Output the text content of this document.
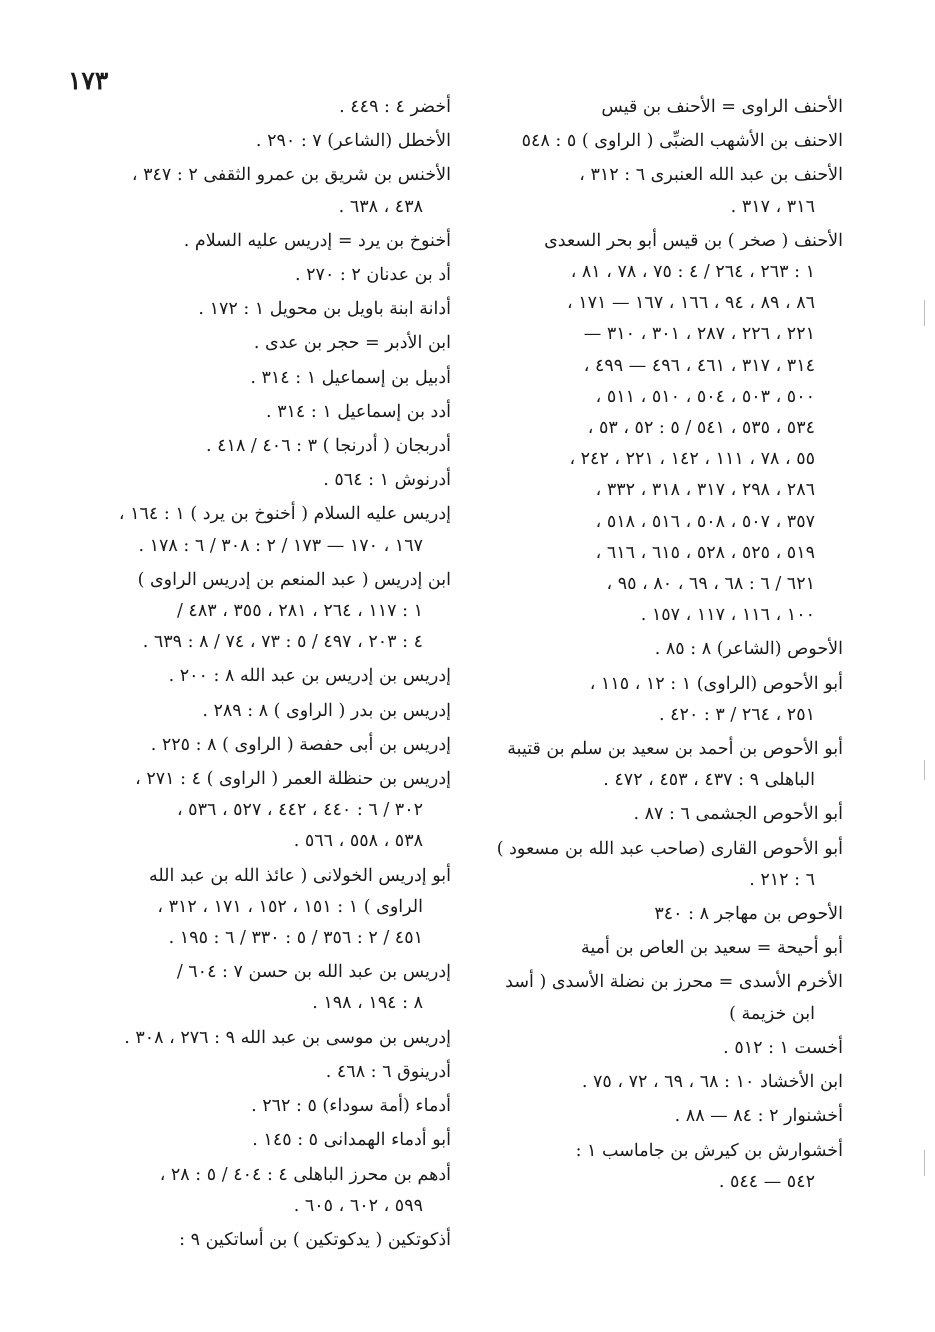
١٧٣
الأحنف الراوى = الأحنف بن قيس
الاحنف بن الأشهب الضبِّى ( الراوى ) ٥ : ٥٤٨
الأحنف بن عبد الله العنبرى ٦ : ٣١٢ ،
٣١٦ ، ٣١٧ .
الأحنف ( صخر ) بن قيس أبو بحر السعدى
١ : ٢٦٣ ، ٢٦٤ / ٤ : ٧٥ ، ٧٨ ، ٨١ ،
٨٦ ، ٨٩ ، ٩٤ ، ١٦٦ ، ١٦٧ — ١٧١ ،
٢٢١ ، ٢٢٦ ، ٢٨٧ ، ٣٠١ ، ٣١٠ —
٣١٤ ، ٣١٧ ، ٤٦١ ، ٤٩٦ — ٤٩٩ ،
٥٠٠ ، ٥٠٣ ، ٥٠٤ ، ٥١٠ ، ٥١١ ،
٥٣٤ ، ٥٣٥ ، ٥٤١ / ٥ : ٥٢ ، ٥٣ ،
٥٥ ، ٧٨ ، ١١١ ، ١٤٢ ، ٢٢١ ، ٢٤٢ ،
٢٨٦ ، ٢٩٨ ، ٣١٧ ، ٣١٨ ، ٣٣٢ ،
٣٥٧ ، ٥٠٧ ، ٥٠٨ ، ٥١٦ ، ٥١٨ ،
٥١٩ ، ٥٢٥ ، ٥٢٨ ، ٦١٥ ، ٦١٦ ،
٦٢١ / ٦ : ٦٨ ، ٦٩ ، ٨٠ ، ٩٥ ،
١٠٠ ، ١١٦ ، ١١٧ ، ١٥٧ .
الأحوص (الشاعر) ٨ : ٨٥ .
أبو الأحوص (الراوى) ١ : ١٢ ، ١١٥ ،
٢٥١ ، ٢٦٤ / ٣ : ٤٢٠ .
أبو الأحوص بن أحمد بن سعيد بن سلم بن قتيبة
الباهلى ٩ : ٤٣٧ ، ٤٥٣ ، ٤٧٢ .
أبو الأحوص الجشمى ٦ : ٨٧ .
أبو الأحوص القارى (صاحب عبد الله بن مسعود )
٦ : ٢١٢ .
الأحوص بن مهاجر ٨ : ٣٤٠
أبو أحيحة = سعيد بن العاص بن أمية
الأخرم الأسدى = محرز بن نضلة الأسدى ( أسد
ابن خزيمة )
أخست ١ : ٥١٢ .
ابن الأخشاد ١٠ : ٦٨ ، ٦٩ ، ٧٢ ، ٧٥ .
أخشنوار ٢ : ٨٤ — ٨٨ .
أخشوارش بن كيرش بن جاماسب ١ :
٥٤٢ — ٥٤٤ .
أخضر ٤ : ٤٤٩ .
الأخطل (الشاعر) ٧ : ٢٩٠ .
الأخنس بن شريق بن عمرو الثقفى ٢ : ٣٤٧ ،
٤٣٨ ، ٦٣٨ .
أخنوخ بن يرد = إدريس عليه السلام .
أد بن عدنان ٢ : ٢٧٠ .
أدانة ابنة باويل بن محويل ١ : ١٧٢ .
ابن الأدبر = حجر بن عدى .
أدبيل بن إسماعيل ١ : ٣١٤ .
أدد بن إسماعيل ١ : ٣١٤ .
أدربجان ( أدرنجا ) ٣ : ٤٠٦ / ٤١٨ .
أدرنوش ١ : ٥٦٤ .
إدريس عليه السلام ( أخنوخ بن يرد ) ١ : ١٦٤ ،
١٦٧ ، ١٧٠ — ١٧٣ / ٢ : ٣٠٨ / ٦ : ١٧٨ .
ابن إدريس ( عبد المنعم بن إدريس الراوى )
١ : ١١٧ ، ٢٦٤ ، ٢٨١ ، ٣٥٥ ، ٤٨٣ /
٤ : ٢٠٣ ، ٤٩٧ / ٥ : ٧٣ ، ٧٤ / ٨ : ٦٣٩ .
إدريس بن إدريس بن عبد الله ٨ : ٢٠٠ .
إدريس بن بدر ( الراوى ) ٨ : ٢٨٩ .
إدريس بن أبى حفصة ( الراوى ) ٨ : ٢٢٥ .
إدريس بن حنظلة العمر ( الراوى ) ٤ : ٢٧١ ،
٣٠٢ / ٦ : ٤٤٠ ، ٤٤٢ ، ٥٢٧ ، ٥٣٦ ،
٥٣٨ ، ٥٥٨ ، ٥٦٦ .
أبو إدريس الخولانى ( عائذ الله بن عبد الله
الراوى ) ١ : ١٥١ ، ١٥٢ ، ١٧١ ، ٣١٢ ،
٤٥١ / ٢ : ٣٥٦ / ٥ : ٣٣٠ / ٦ : ١٩٥ .
إدريس بن عبد الله بن حسن ٧ : ٦٠٤ /
٨ : ١٩٤ ، ١٩٨ .
إدريس بن موسى بن عبد الله ٩ : ٢٧٦ ، ٣٠٨ .
أدرينوق ٦ : ٤٦٨ .
أدماء (أمة سوداء) ٥ : ٢٦٢ .
أبو أدماء الهمدانى ٥ : ١٤٥ .
أدهم بن محرز الباهلى ٤ : ٤٠٤ / ٥ : ٢٨ ،
٥٩٩ ، ٦٠٢ ، ٦٠٥ .
أذكوتكين ( يدكوتكين ) بن أساتكين ٩ :
